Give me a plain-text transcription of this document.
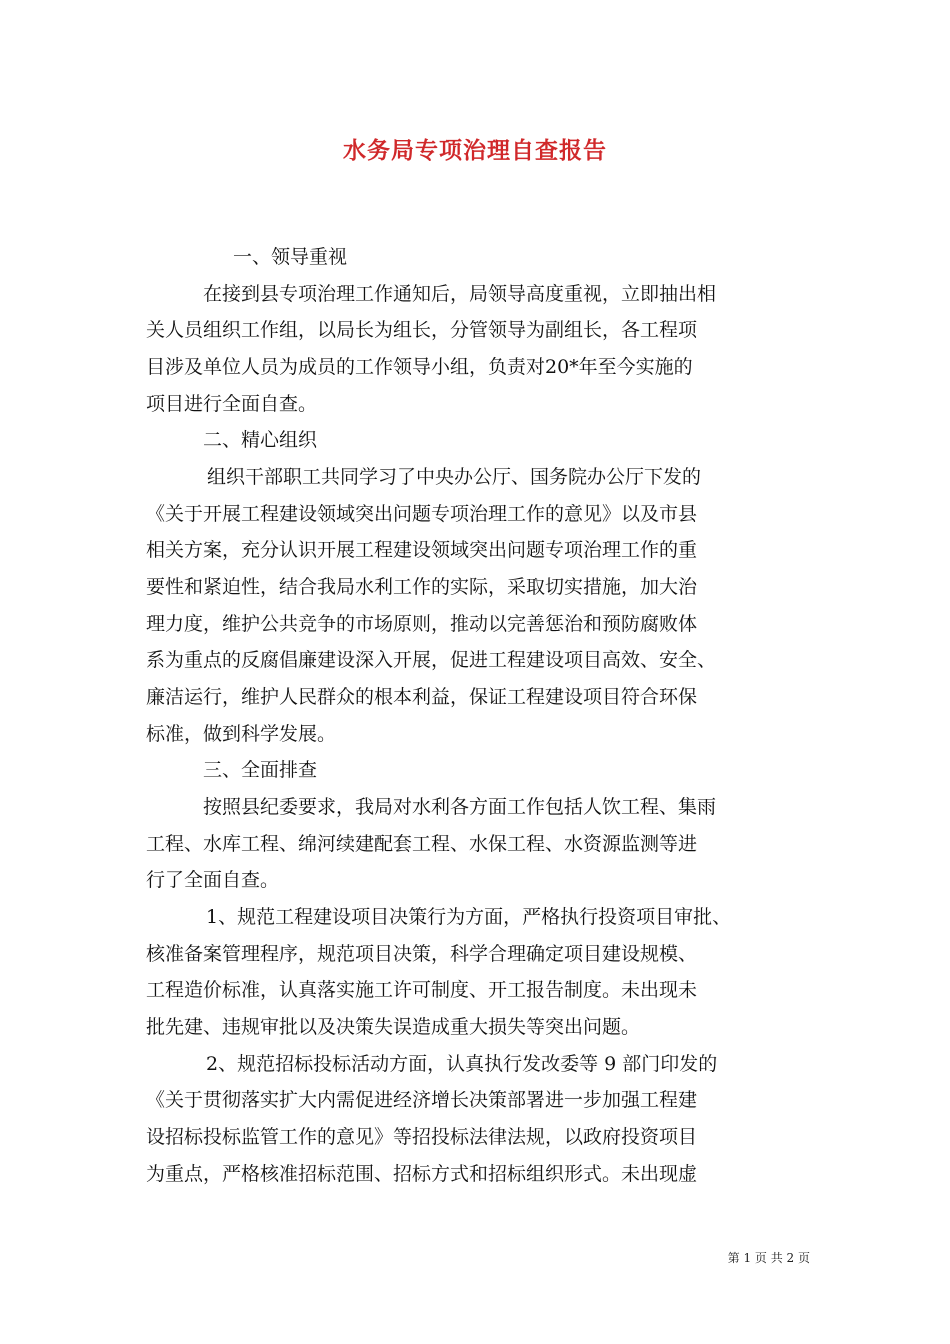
水务局专项治理自查报告
一、领导重视
在接到县专项治理工作通知后，局领导高度重视，立即抽出相
关人员组织工作组，以局长为组长，分管领导为副组长，各工程项
目涉及单位人员为成员的工作领导小组，负责对20*年至今实施的
项目进行全面自查。
二、精心组织
组织干部职工共同学习了中央办公厅、国务院办公厅下发的
《关于开展工程建设领域突出问题专项治理工作的意见》以及市县
相关方案，充分认识开展工程建设领域突出问题专项治理工作的重
要性和紧迫性，结合我局水利工作的实际，采取切实措施，加大治
理力度，维护公共竞争的市场原则，推动以完善惩治和预防腐败体
系为重点的反腐倡廉建设深入开展，促进工程建设项目高效、安全、
廉洁运行，维护人民群众的根本利益，保证工程建设项目符合环保
标准，做到科学发展。
三、全面排查
按照县纪委要求，我局对水利各方面工作包括人饮工程、集雨
工程、水库工程、绵河续建配套工程、水保工程、水资源监测等进
行了全面自查。
1、规范工程建设项目决策行为方面，严格执行投资项目审批、
核准备案管理程序，规范项目决策，科学合理确定项目建设规模、
工程造价标准，认真落实施工许可制度、开工报告制度。未出现未
批先建、违规审批以及决策失误造成重大损失等突出问题。
2、规范招标投标活动方面，认真执行发改委等 9 部门印发的
《关于贯彻落实扩大内需促进经济增长决策部署进一步加强工程建
设招标投标监管工作的意见》等招投标法律法规，以政府投资项目
为重点，严格核准招标范围、招标方式和招标组织形式。未出现虚
第 1 页 共 2 页
